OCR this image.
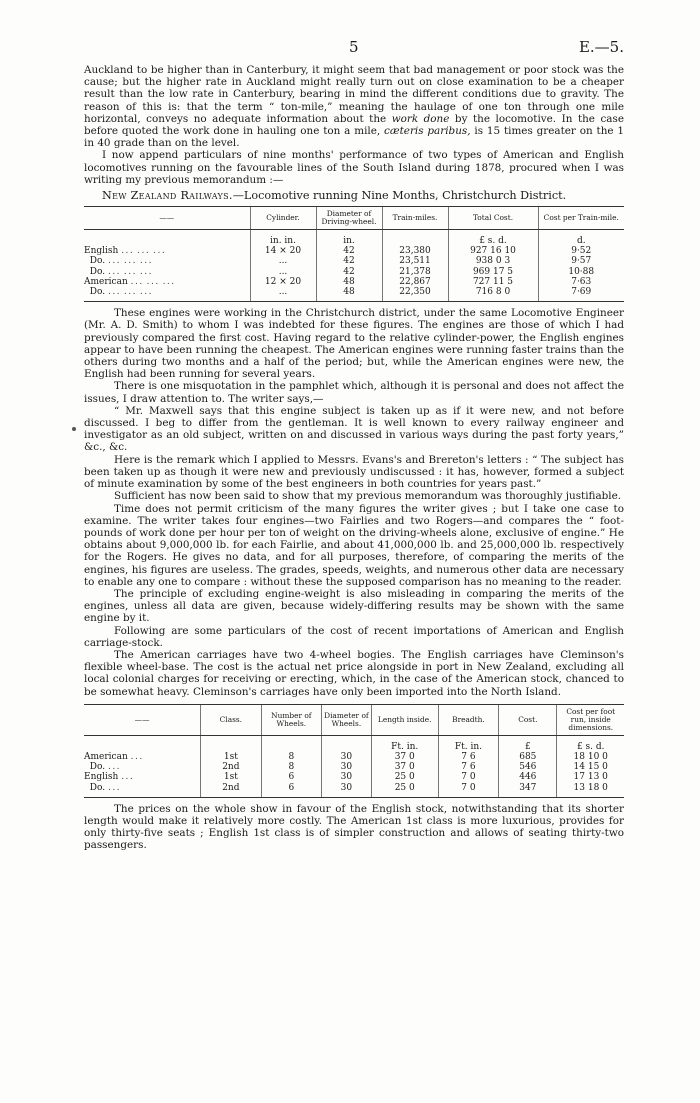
5	E.—5.

Auckland to be higher than in Canterbury, it might seem that bad management or poor stock was the cause; but the higher rate in Auckland might really turn out on close examination to be a cheaper result than the low rate in Canterbury, bearing in mind the different conditions due to gravity. The reason of this is: that the term “ ton-mile,” meaning the haulage of one ton through one mile horizontal, conveys no adequate information about the work done by the locomotive. In the case before quoted the work done in hauling one ton a mile, cæteris paribus, is 15 times greater on the 1 in 40 grade than on the level.

I now append particulars of nine months' performance of two types of American and English locomotives running on the favourable lines of the South Island during 1878, procured when I was writing my previous memorandum :—

New Zealand Railways.—Locomotive running Nine Months, Christchurch District.
——	Cylinder.	Diameter of Driving-wheel.	Train-miles.	Total Cost.	Cost per Train-mile.
	in. in.	in.		£ s. d.	d.
English ... ... ...	14 × 20	42	23,380	927 16 10	9·52
Do. ... ... ...	...	42	23,511	938 0 3	9·57
Do. ... ... ...	...	42	21,378	969 17 5	10·88
American ... ... ...	12 × 20	48	22,867	727 11 5	7·63
Do. ... ... ...	...	48	22,350	716 8 0	7·69

These engines were working in the Christchurch district, under the same Locomotive Engineer (Mr. A. D. Smith) to whom I was indebted for these figures. The engines are those of which I had previously compared the first cost. Having regard to the relative cylinder-power, the English engines appear to have been running the cheapest. The American engines were running faster trains than the others during two months and a half of the period; but, while the American engines were new, the English had been running for several years.

There is one misquotation in the pamphlet which, although it is personal and does not affect the issues, I draw attention to. The writer says,—

“ Mr. Maxwell says that this engine subject is taken up as if it were new, and not before discussed. I beg to differ from the gentleman. It is well known to every railway engineer and investigator as an old subject, written on and discussed in various ways during the past forty years,” &c., &c.

Here is the remark which I applied to Messrs. Evans's and Brereton's letters : “ The subject has been taken up as though it were new and previously undiscussed : it has, however, formed a subject of minute examination by some of the best engineers in both countries for years past.”

Sufficient has now been said to show that my previous memorandum was thoroughly justifiable.

Time does not permit criticism of the many figures the writer gives ; but I take one case to examine. The writer takes four engines—two Fairlies and two Rogers—and compares the “ foot-pounds of work done per hour per ton of weight on the driving-wheels alone, exclusive of engine.” He obtains about 9,000,000 lb. for each Fairlie, and about 41,000,000 lb. and 25,000,000 lb. respectively for the Rogers. He gives no data, and for all purposes, therefore, of comparing the merits of the engines, his figures are useless. The grades, speeds, weights, and numerous other data are necessary to enable any one to compare : without these the supposed comparison has no meaning to the reader.

The principle of excluding engine-weight is also misleading in comparing the merits of the engines, unless all data are given, because widely-differing results may be shown with the same engine by it.

Following are some particulars of the cost of recent importations of American and English carriage-stock.

The American carriages have two 4-wheel bogies. The English carriages have Cleminson's flexible wheel-base. The cost is the actual net price alongside in port in New Zealand, excluding all local colonial charges for receiving or erecting, which, in the case of the American stock, chanced to be somewhat heavy. Cleminson's carriages have only been imported into the North Island.

——	Class.	Number of Wheels.	Diameter of Wheels.	Length inside.	Breadth.	Cost.	Cost per foot run, inside dimensions.
				Ft. in.	Ft. in.	£	£ s. d.
American ...	1st	8	30	37 0	7 6	685	18 10 0
Do. ...	2nd	8	30	37 0	7 6	546	14 15 0
English ...	1st	6	30	25 0	7 0	446	17 13 0
Do. ...	2nd	6	30	25 0	7 0	347	13 18 0

The prices on the whole show in favour of the English stock, notwithstanding that its shorter length would make it relatively more costly. The American 1st class is more luxurious, provides for only thirty-five seats ; English 1st class is of simpler construction and allows of seating thirty-two passengers.
